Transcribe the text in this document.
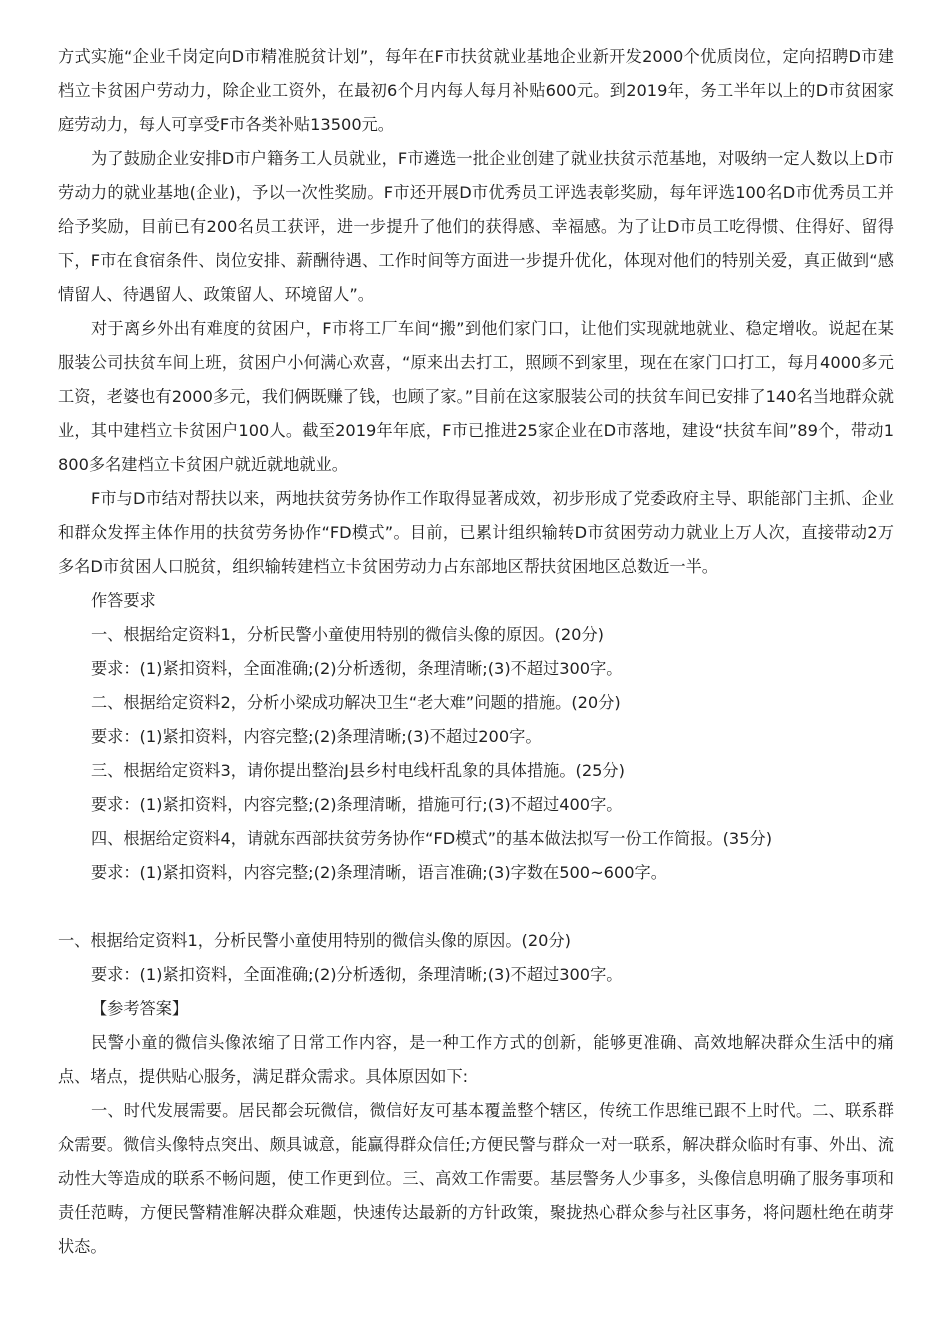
方式实施“企业千岗定向D市精准脱贫计划”，每年在F市扶贫就业基地企业新开发2000个优质岗位，定向招聘D市建档立卡贫困户劳动力，除企业工资外，在最初6个月内每人每月补贴600元。到2019年，务工半年以上的D市贫困家庭劳动力，每人可享受F市各类补贴13500元。

为了鼓励企业安排D市户籍务工人员就业，F市遴选一批企业创建了就业扶贫示范基地，对吸纳一定人数以上D市劳动力的就业基地(企业)，予以一次性奖励。F市还开展D市优秀员工评选表彰奖励，每年评选100名D市优秀员工并给予奖励，目前已有200名员工获评，进一步提升了他们的获得感、幸福感。为了让D市员工吃得惯、住得好、留得下，F市在食宿条件、岗位安排、薪酬待遇、工作时间等方面进一步提升优化，体现对他们的特别关爱，真正做到“感情留人、待遇留人、政策留人、环境留人”。

对于离乡外出有难度的贫困户，F市将工厂车间“搬”到他们家门口，让他们实现就地就业、稳定增收。说起在某服装公司扶贫车间上班，贫困户小何满心欢喜，“原来出去打工，照顾不到家里，现在在家门口打工，每月4000多元工资，老婆也有2000多元，我们俩既赚了钱，也顾了家。”目前在这家服装公司的扶贫车间已安排了140名当地群众就业，其中建档立卡贫困户100人。截至2019年年底，F市已推进25家企业在D市落地，建设“扶贫车间”89个，带动1800多名建档立卡贫困户就近就地就业。

F市与D市结对帮扶以来，两地扶贫劳务协作工作取得显著成效，初步形成了党委政府主导、职能部门主抓、企业和群众发挥主体作用的扶贫劳务协作“FD模式”。目前，已累计组织输转D市贫困劳动力就业上万人次，直接带动2万多名D市贫困人口脱贫，组织输转建档立卡贫困劳动力占东部地区帮扶贫困地区总数近一半。

作答要求

一、根据给定资料1，分析民警小童使用特别的微信头像的原因。(20分)

要求：(1)紧扣资料，全面准确;(2)分析透彻，条理清晰;(3)不超过300字。

二、根据给定资料2，分析小梁成功解决卫生“老大难”问题的措施。(20分)

要求：(1)紧扣资料，内容完整;(2)条理清晰;(3)不超过200字。

三、根据给定资料3，请你提出整治J县乡村电线杆乱象的具体措施。(25分)

要求：(1)紧扣资料，内容完整;(2)条理清晰，措施可行;(3)不超过400字。

四、根据给定资料4，请就东西部扶贫劳务协作“FD模式”的基本做法拟写一份工作简报。(35分)

要求：(1)紧扣资料，内容完整;(2)条理清晰，语言准确;(3)字数在500~600字。

一、根据给定资料1，分析民警小童使用特别的微信头像的原因。(20分)

要求：(1)紧扣资料，全面准确;(2)分析透彻，条理清晰;(3)不超过300字。

【参考答案】

民警小童的微信头像浓缩了日常工作内容，是一种工作方式的创新，能够更准确、高效地解决群众生活中的痛点、堵点，提供贴心服务，满足群众需求。具体原因如下:

一、时代发展需要。居民都会玩微信，微信好友可基本覆盖整个辖区，传统工作思维已跟不上时代。二、联系群众需要。微信头像特点突出、颇具诚意，能赢得群众信任;方便民警与群众一对一联系，解决群众临时有事、外出、流动性大等造成的联系不畅问题，使工作更到位。三、高效工作需要。基层警务人少事多，头像信息明确了服务事项和责任范畴，方便民警精准解决群众难题，快速传达最新的方针政策，聚拢热心群众参与社区事务，将问题杜绝在萌芽状态。
